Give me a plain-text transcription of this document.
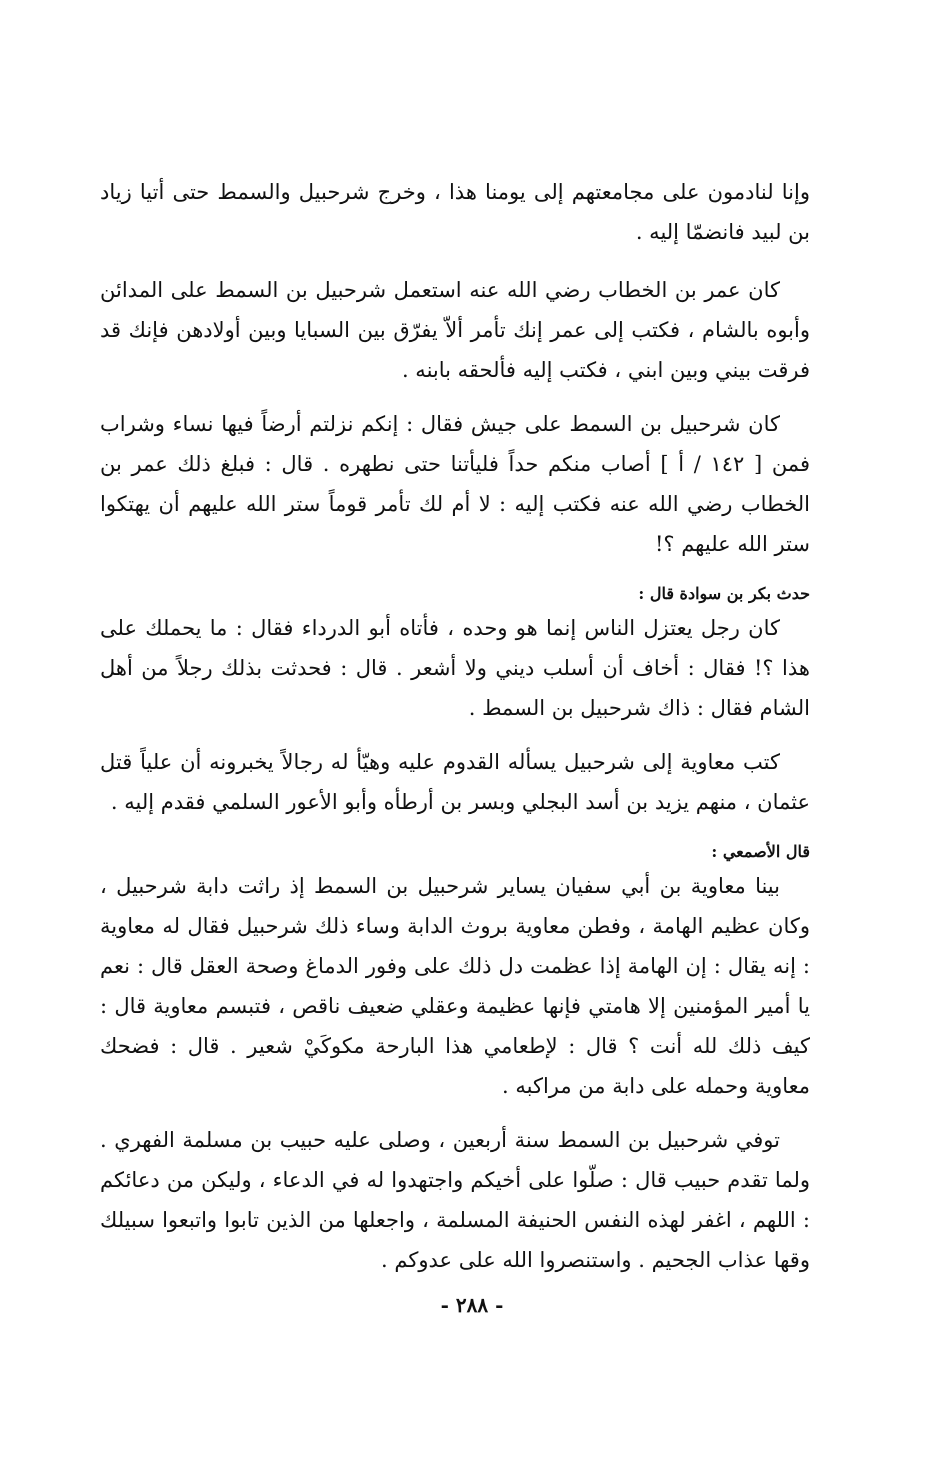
وإنا لنادمون على مجامعتهم إلى يومنا هذا ، وخرج شرحبيل والسمط حتى أتيا زياد بن لبيد فانضمّا إليه .

كان عمر بن الخطاب رضي الله عنه استعمل شرحبيل بن السمط على المدائن وأبوه بالشام ، فكتب إلى عمر إنك تأمر ألاّ يفرّق بين السبايا وبين أولادهن فإنك قد فرقت بيني وبين ابني ، فكتب إليه فألحقه بابنه .

كان شرحبيل بن السمط على جيش فقال : إنكم نزلتم أرضاً فيها نساء وشراب فمن [ ١٤٢ / أ ] أصاب منكم حداً فليأتنا حتى نطهره . قال : فبلغ ذلك عمر بن الخطاب رضي الله عنه فكتب إليه : لا أم لك تأمر قوماً ستر الله عليهم أن يهتكوا ستر الله عليهم ؟!

حدث بكر بن سوادة قال :

كان رجل يعتزل الناس إنما هو وحده ، فأتاه أبو الدرداء فقال : ما يحملك على هذا ؟! فقال : أخاف أن أسلب ديني ولا أشعر . قال : فحدثت بذلك رجلاً من أهل الشام فقال : ذاك شرحبيل بن السمط .

كتب معاوية إلى شرحبيل يسأله القدوم عليه وهيّأ له رجالاً يخبرونه أن علياً قتل عثمان ، منهم يزيد بن أسد البجلي وبسر بن أرطأه وأبو الأعور السلمي فقدم إليه .

قال الأصمعي :

بينا معاوية بن أبي سفيان يساير شرحبيل بن السمط إذ راثت دابة شرحبيل ، وكان عظيم الهامة ، وفطن معاوية بروث الدابة وساء ذلك شرحبيل فقال له معاوية : إنه يقال : إن الهامة إذا عظمت دل ذلك على وفور الدماغ وصحة العقل قال : نعم يا أمير المؤمنين إلا هامتي فإنها عظيمة وعقلي ضعيف ناقص ، فتبسم معاوية قال : كيف ذلك لله أنت ؟ قال : لإطعامي هذا البارحة مكوكَيْ شعير . قال : فضحك معاوية وحمله على دابة من مراكبه .

توفي شرحبيل بن السمط سنة أربعين ، وصلى عليه حبيب بن مسلمة الفهري . ولما تقدم حبيب قال : صلّوا على أخيكم واجتهدوا له في الدعاء ، وليكن من دعائكم : اللهم ، اغفر لهذه النفس الحنيفة المسلمة ، واجعلها من الذين تابوا واتبعوا سبيلك وقها عذاب الجحيم . واستنصروا الله على عدوكم .

- ٢٨٨ -
